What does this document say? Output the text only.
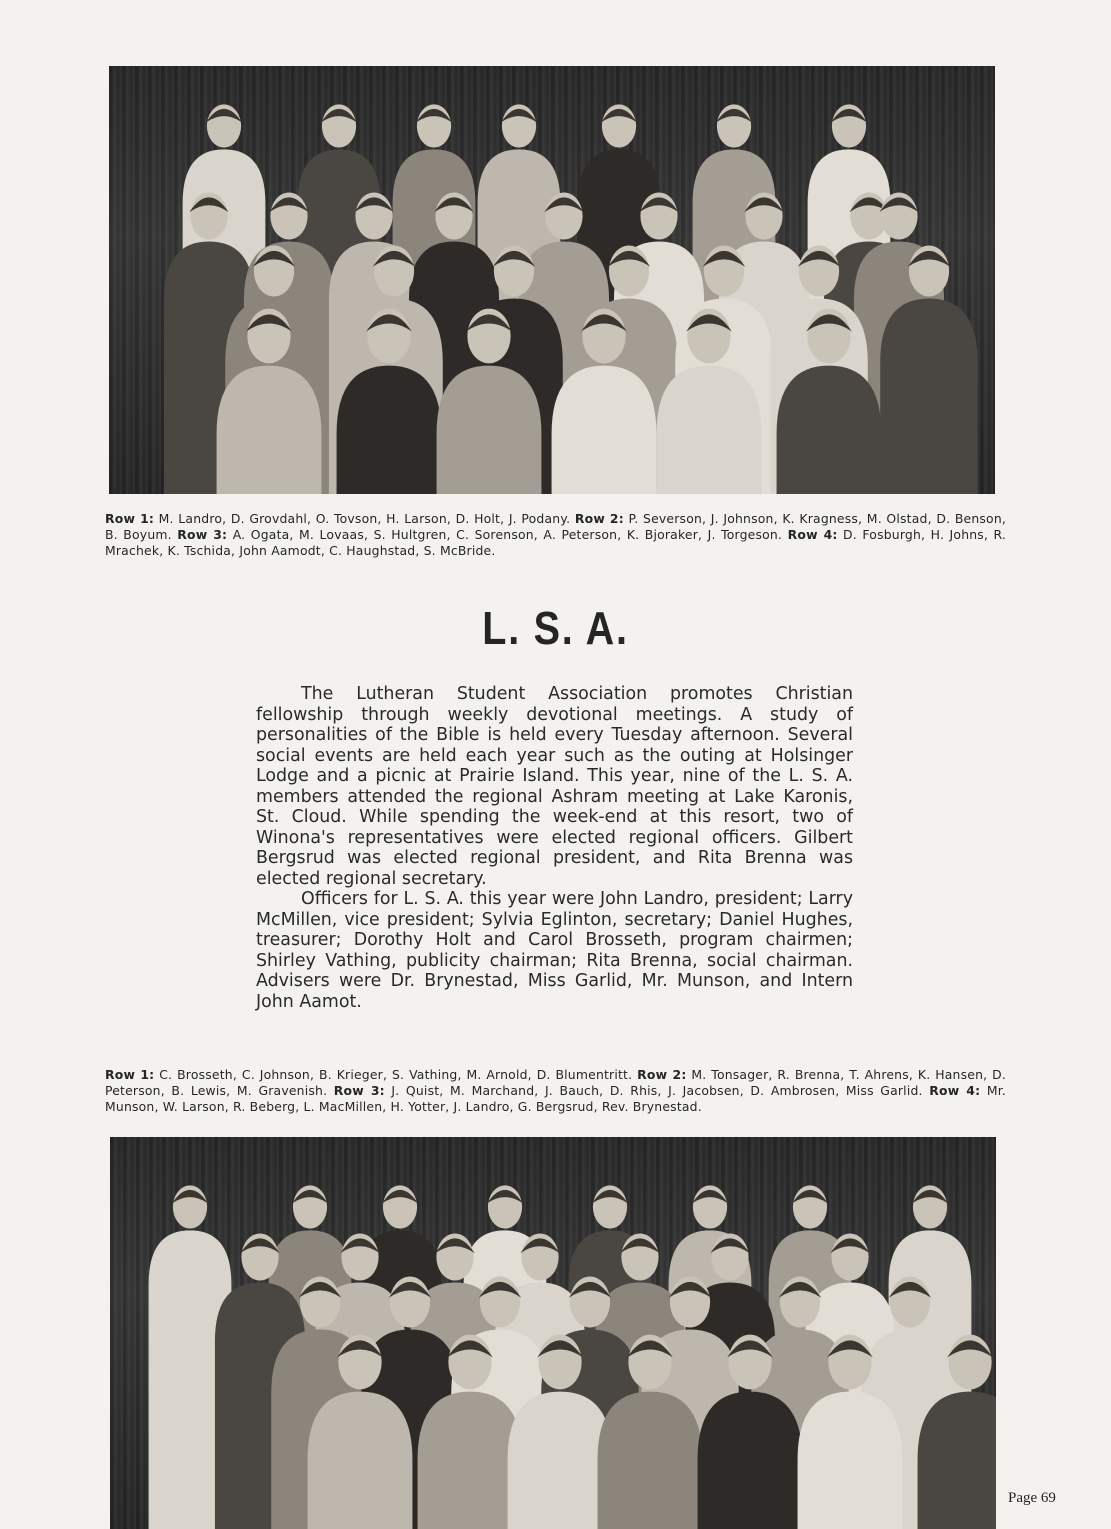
Row 1: M. Landro, D. Grovdahl, O. Tovson, H. Larson, D. Holt, J. Podany. Row 2: P. Severson, J. Johnson, K. Kragness, M. Olstad, D. Benson, B. Boyum. Row 3: A. Ogata, M. Lovaas, S. Hultgren, C. Sorenson, A. Peterson, K. Bjoraker, J. Torgeson. Row 4: D. Fosburgh, H. Johns, R. Mrachek, K. Tschida, John Aamodt, C. Haughstad, S. McBride.
L. S. A.

The Lutheran Student Association promotes Christian fellowship through weekly devotional meetings. A study of personalities of the Bible is held every Tuesday afternoon. Several social events are held each year such as the outing at Holsinger Lodge and a picnic at Prairie Island. This year, nine of the L. S. A. members attended the regional Ashram meeting at Lake Karonis, St. Cloud. While spending the week-end at this resort, two of Winona's representatives were elected regional officers. Gilbert Bergsrud was elected regional president, and Rita Brenna was elected regional secretary.

Officers for L. S. A. this year were John Landro, president; Larry McMillen, vice president; Sylvia Eglinton, secretary; Daniel Hughes, treasurer; Dorothy Holt and Carol Brosseth, program chairmen; Shirley Vathing, publicity chairman; Rita Brenna, social chairman. Advisers were Dr. Brynestad, Miss Garlid, Mr. Munson, and Intern John Aamot.

Row 1: C. Brosseth, C. Johnson, B. Krieger, S. Vathing, M. Arnold, D. Blumentritt. Row 2: M. Tonsager, R. Brenna, T. Ahrens, K. Hansen, D. Peterson, B. Lewis, M. Gravenish. Row 3: J. Quist, M. Marchand, J. Bauch, D. Rhis, J. Jacobsen, D. Ambrosen, Miss Garlid. Row 4: Mr. Munson, W. Larson, R. Beberg, L. MacMillen, H. Yotter, J. Landro, G. Bergsrud, Rev. Brynestad.
Page 69
